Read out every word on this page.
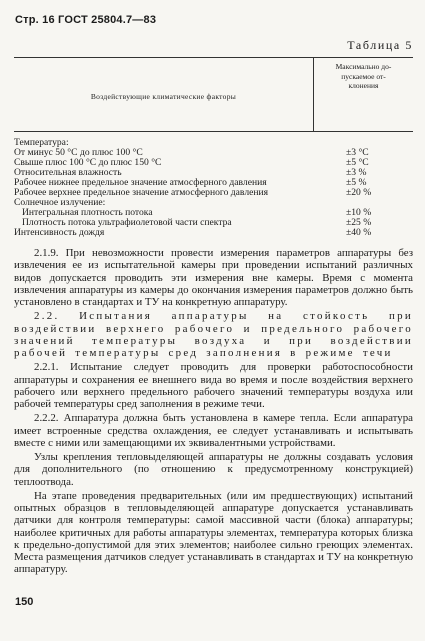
Стр. 16 ГОСТ 25804.7—83
Таблица 5
Воздействующие климатические факторы
Максимально до-
пускаемое от-
клонения
Температура:
От минус 50 °С до плюс 100 °С	±3 °С
Свыше плюс 100 °С до плюс 150 °С	±5 °С
Относительная влажность	±3 %
Рабочее нижнее предельное значение атмосферного давления	±5 %
Рабочее верхнее предельное значение атмосферного давления	±20 %
Солнечное излучение:
Интегральная плотность потока	±10 %
Плотность потока ультрафиолетовой части спектра	±25 %
Интенсивность дождя	±40 %

2.1.9. При невозможности провести измерения параметров аппаратуры без извлечения ее из испытательной камеры при проведении испытаний различных видов допускается проводить эти измерения вне камеры. Время с момента извлечения аппаратуры из камеры до окончания измерения параметров должно быть установлено в стандартах и ТУ на конкретную аппаратуру.

2.2. Испытания аппаратуры на стойкость при воздействии верхнего рабочего и предельного рабочего значений температуры воздуха и при воздействии рабочей температуры сред заполнения в режиме течи

2.2.1. Испытание следует проводить для проверки работоспособности аппаратуры и сохранения ее внешнего вида во время и после воздействия верхнего рабочего или верхнего предельного рабочего значений температуры воздуха или рабочей температуры сред заполнения в режиме течи.

2.2.2. Аппаратура должна быть установлена в камере тепла. Если аппаратура имеет встроенные средства охлаждения, ее следует устанавливать и испытывать вместе с ними или замещающими их эквивалентными устройствами.

Узлы крепления тепловыделяющей аппаратуры не должны создавать условия для дополнительного (по отношению к предусмотренному конструкцией) теплоотвода.

На этапе проведения предварительных (или им предшествующих) испытаний опытных образцов в тепловыделяющей аппаратуре допускается устанавливать датчики для контроля температуры: самой массивной части (блока) аппаратуры; наиболее критичных для работы аппаратуры элементах, температура которых близка к предельно-допустимой для этих элементов; наиболее сильно греющих элементах. Места размещения датчиков следует устанавливать в стандартах и ТУ на конкретную аппаратуру.

150
